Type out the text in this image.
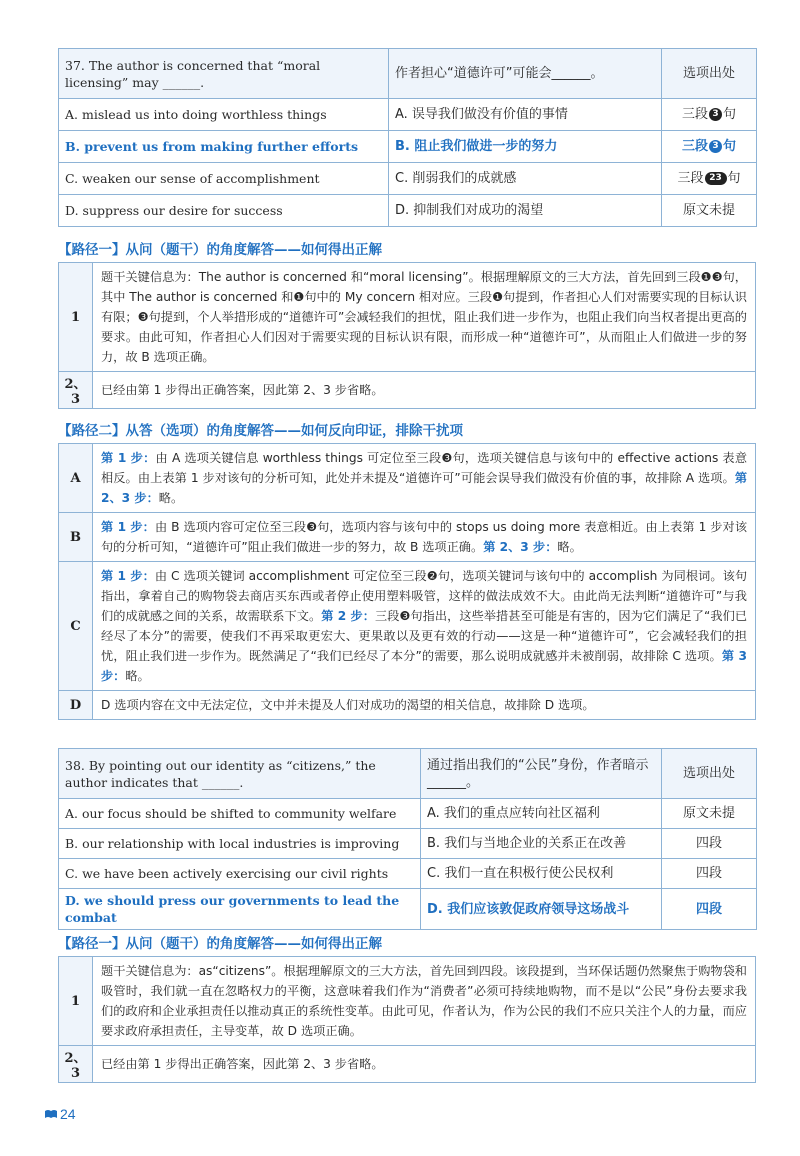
37. The author is concerned that “moral licensing” may ______.	作者担心“道德许可”可能会______。	选项出处
A. mislead us into doing worthless things	A. 误导我们做没有价值的事情	三段 3 句
B. prevent us from making further efforts	B. 阻止我们做进一步的努力	三段 3 句
C. weaken our sense of accomplishment	C. 削弱我们的成就感	三段 23 句
D. suppress our desire for success	D. 抑制我们对成功的渴望	原文未提
【路径一】从问（题干）的角度解答——如何得出正解
1	题干关键信息为：The author is concerned 和“moral licensing”。根据理解原文的三大方法，首先回到三段❶❸句，其中 The author is concerned 和❶句中的 My concern 相对应。三段❶句提到，作者担心人们对需要实现的目标认识有限；❸句提到，个人举措形成的“道德许可”会减轻我们的担忧，阻止我们进一步作为，也阻止我们向当权者提出更高的要求。由此可知，作者担心人们因对于需要实现的目标认识有限，而形成一种“道德许可”，从而阻止人们做进一步的努力，故 B 选项正确。
2、3	已经由第 1 步得出正确答案，因此第 2、3 步省略。
【路径二】从答（选项）的角度解答——如何反向印证，排除干扰项
A	第 1 步：由 A 选项关键信息 worthless things 可定位至三段❸句，选项关键信息与该句中的 effective actions 表意相反。由上表第 1 步对该句的分析可知，此处并未提及“道德许可”可能会误导我们做没有价值的事，故排除 A 选项。第 2、3 步：略。
B	第 1 步：由 B 选项内容可定位至三段❸句，选项内容与该句中的 stops us doing more 表意相近。由上表第 1 步对该句的分析可知，“道德许可”阻止我们做进一步的努力，故 B 选项正确。第 2、3 步：略。
C	第 1 步：由 C 选项关键词 accomplishment 可定位至三段❷句，选项关键词与该句中的 accomplish 为同根词。该句指出，拿着自己的购物袋去商店买东西或者停止使用塑料吸管，这样的做法成效不大。由此尚无法判断“道德许可”与我们的成就感之间的关系，故需联系下文。第 2 步：三段❸句指出，这些举措甚至可能是有害的，因为它们满足了“我们已经尽了本分”的需要，使我们不再采取更宏大、更果敢以及更有效的行动——这是一种“道德许可”，它会减轻我们的担忧，阻止我们进一步作为。既然满足了“我们已经尽了本分”的需要，那么说明成就感并未被削弱，故排除 C 选项。第 3 步：略。
D	D 选项内容在文中无法定位，文中并未提及人们对成功的渴望的相关信息，故排除 D 选项。
38. By pointing out our identity as “citizens,” the author indicates that ______.	通过指出我们的“公民”身份，作者暗示______。	选项出处
A. our focus should be shifted to community welfare	A. 我们的重点应转向社区福利	原文未提
B. our relationship with local industries is improving	B. 我们与当地企业的关系正在改善	四段
C. we have been actively exercising our civil rights	C. 我们一直在积极行使公民权利	四段
D. we should press our governments to lead the combat	D. 我们应该敦促政府领导这场战斗	四段
【路径一】从问（题干）的角度解答——如何得出正解
1	题干关键信息为：as“citizens”。根据理解原文的三大方法，首先回到四段。该段提到，当环保话题仍然聚焦于购物袋和吸管时，我们就一直在忽略权力的平衡，这意味着我们作为“消费者”必须可持续地购物，而不是以“公民”身份去要求我们的政府和企业承担责任以推动真正的系统性变革。由此可见，作者认为，作为公民的我们不应只关注个人的力量，而应要求政府承担责任，主导变革，故 D 选项正确。
2、3	已经由第 1 步得出正确答案，因此第 2、3 步省略。
24
